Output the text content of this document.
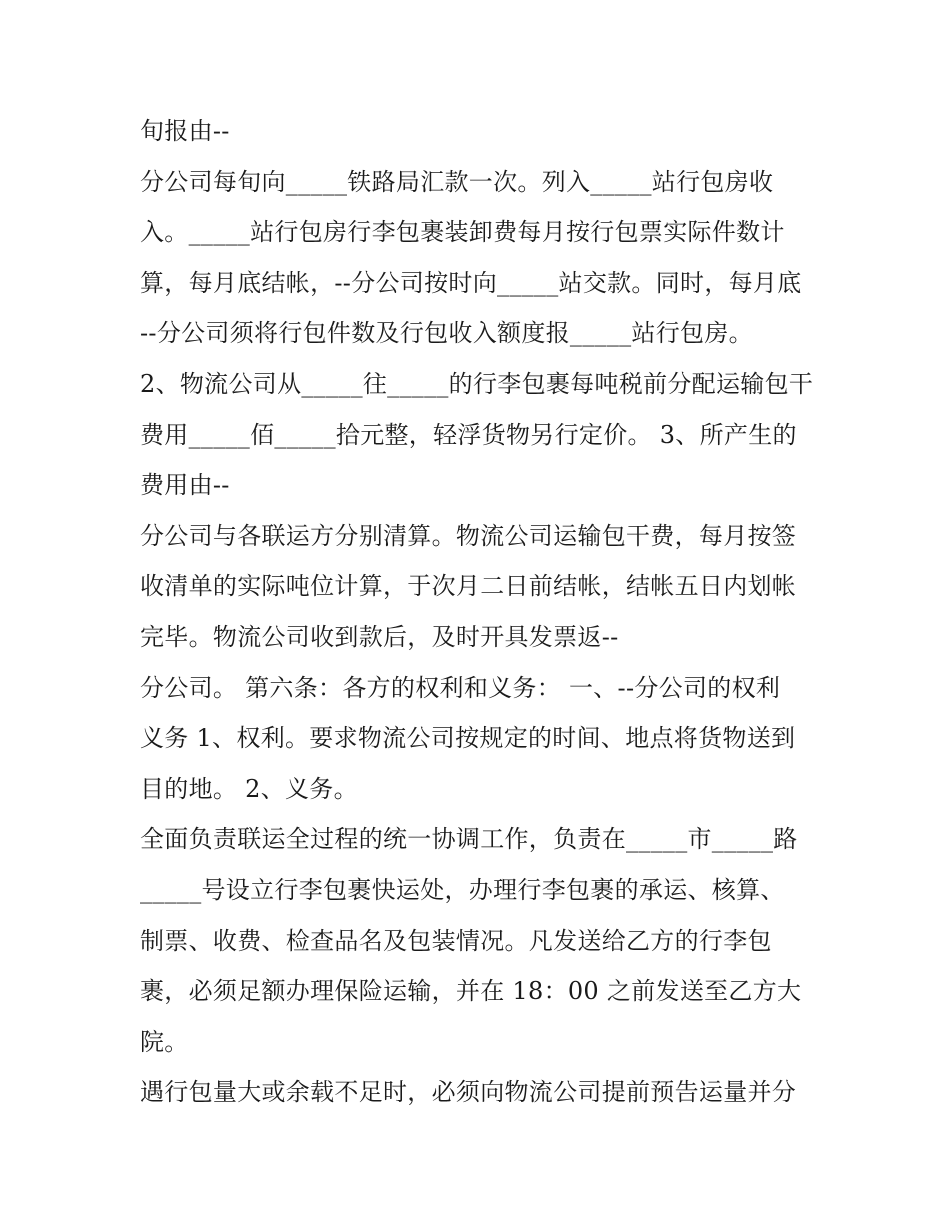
旬报由--
分公司每旬向_____铁路局汇款一次。列入_____站行包房收
入。_____站行包房行李包裹装卸费每月按行包票实际件数计
算，每月底结帐，--分公司按时向_____站交款。同时，每月底
--分公司须将行包件数及行包收入额度报_____站行包房。
2、物流公司从_____往_____的行李包裹每吨税前分配运输包干
费用_____佰_____拾元整，轻浮货物另行定价。 3、所产生的
费用由--
分公司与各联运方分别清算。物流公司运输包干费，每月按签
收清单的实际吨位计算，于次月二日前结帐，结帐五日内划帐
完毕。物流公司收到款后，及时开具发票返--
分公司。 第六条：各方的权利和义务： 一、--分公司的权利
义务 1、权利。要求物流公司按规定的时间、地点将货物送到
目的地。 2、义务。
全面负责联运全过程的统一协调工作，负责在_____市_____路
_____号设立行李包裹快运处，办理行李包裹的承运、核算、
制票、收费、检查品名及包装情况。凡发送给乙方的行李包
裹，必须足额办理保险运输，并在 18：00 之前发送至乙方大
院。
遇行包量大或余载不足时，必须向物流公司提前预告运量并分
